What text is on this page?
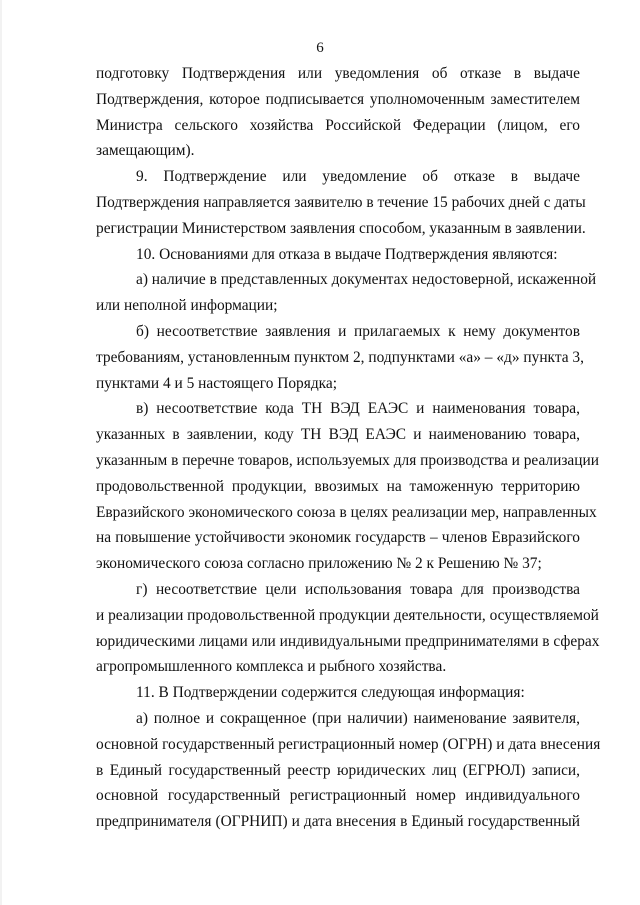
6
подготовку Подтверждения или уведомления об отказе в выдаче
Подтверждения, которое подписывается уполномоченным заместителем
Министра сельского хозяйства Российской Федерации (лицом, его
замещающим).
9. Подтверждение или уведомление об отказе в выдаче
Подтверждения направляется заявителю в течение 15 рабочих дней с даты
регистрации Министерством заявления способом, указанным в заявлении.
10. Основаниями для отказа в выдаче Подтверждения являются:
а) наличие в представленных документах недостоверной, искаженной
или неполной информации;
б) несоответствие заявления и прилагаемых к нему документов
требованиям, установленным пунктом 2, подпунктами «а» – «д» пункта 3,
пунктами 4 и 5 настоящего Порядка;
в) несоответствие кода ТН ВЭД ЕАЭС и наименования товара,
указанных в заявлении, коду ТН ВЭД ЕАЭС и наименованию товара,
указанным в перечне товаров, используемых для производства и реализации
продовольственной продукции, ввозимых на таможенную территорию
Евразийского экономического союза в целях реализации мер, направленных
на повышение устойчивости экономик государств – членов Евразийского
экономического союза согласно приложению № 2 к Решению № 37;
г) несоответствие цели использования товара для производства
и реализации продовольственной продукции деятельности, осуществляемой
юридическими лицами или индивидуальными предпринимателями в сферах
агропромышленного комплекса и рыбного хозяйства.
11. В Подтверждении содержится следующая информация:
а) полное и сокращенное (при наличии) наименование заявителя,
основной государственный регистрационный номер (ОГРН) и дата внесения
в Единый государственный реестр юридических лиц (ЕГРЮЛ) записи,
основной государственный регистрационный номер индивидуального
предпринимателя (ОГРНИП) и дата внесения в Единый государственный
